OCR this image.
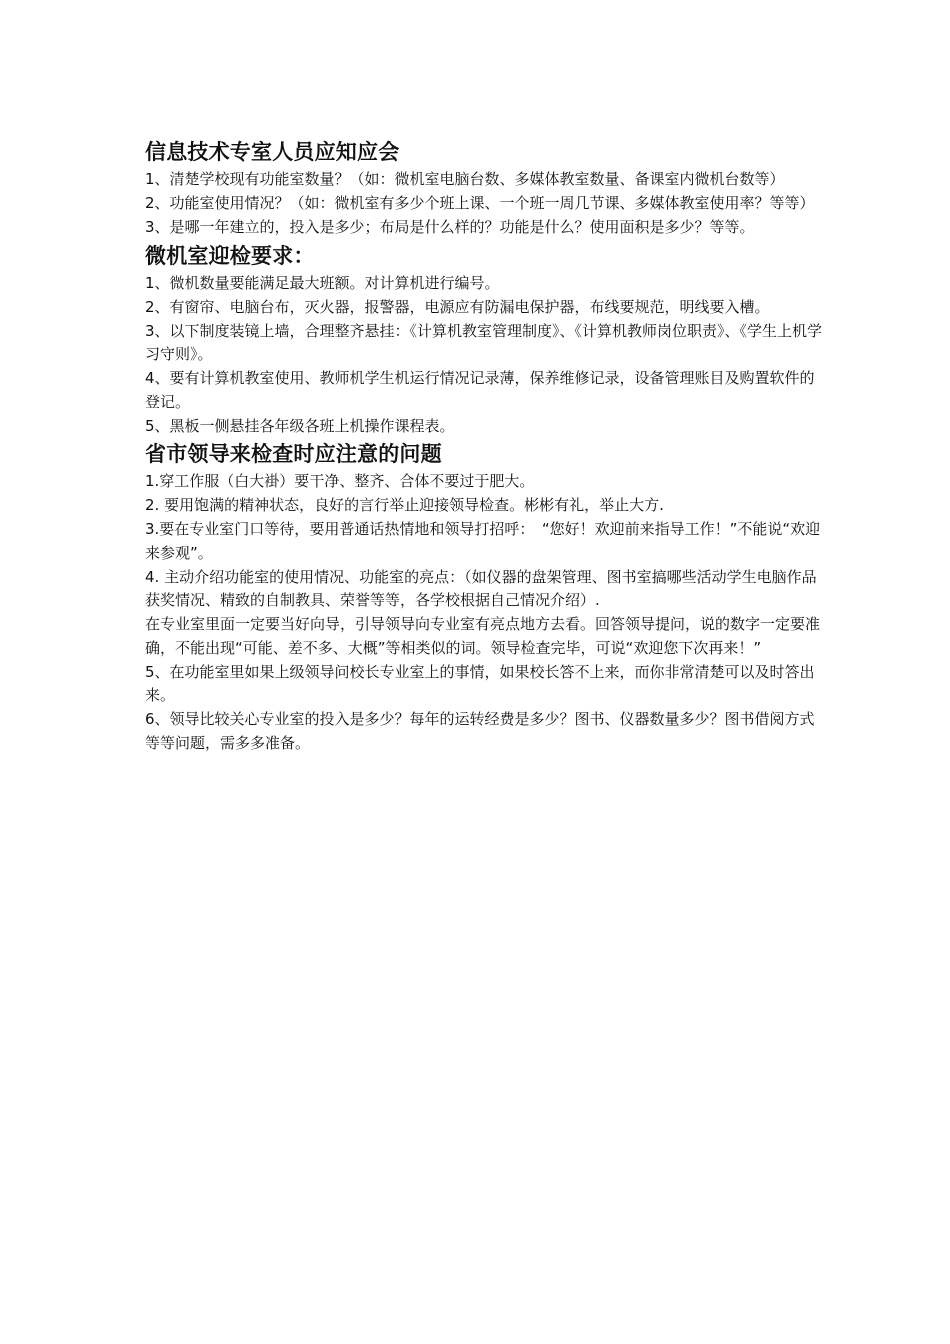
信息技术专室人员应知应会

1、清楚学校现有功能室数量？（如：微机室电脑台数、多媒体教室数量、备课室内微机台数等）

2、功能室使用情况？（如：微机室有多少个班上课、一个班一周几节课、多媒体教室使用率？等等）

3、是哪一年建立的，投入是多少；布局是什么样的？功能是什么？使用面积是多少？等等。

微机室迎检要求：

1、微机数量要能满足最大班额。对计算机进行编号。

2、有窗帘、电脑台布，灭火器，报警器，电源应有防漏电保护器，布线要规范，明线要入槽。

3、以下制度装镜上墙，合理整齐悬挂：《计算机教室管理制度》、《计算机教师岗位职责》、《学生上机学习守则》。

4、要有计算机教室使用、教师机学生机运行情况记录薄，保养维修记录，设备管理账目及购置软件的登记。

5、黑板一侧悬挂各年级各班上机操作课程表。

省市领导来检查时应注意的问题

1.穿工作服（白大褂）要干净、整齐、合体不要过于肥大。

2. 要用饱满的精神状态，良好的言行举止迎接领导检查。彬彬有礼，举止大方.

3.要在专业室门口等待，要用普通话热情地和领导打招呼：　“您好！欢迎前来指导工作！”不能说“欢迎来参观”。

4. 主动介绍功能室的使用情况、功能室的亮点：（如仪器的盘架管理、图书室搞哪些活动学生电脑作品获奖情况、精致的自制教具、荣誉等等，各学校根据自己情况介绍）.

在专业室里面一定要当好向导，引导领导向专业室有亮点地方去看。回答领导提问，说的数字一定要准确，不能出现“可能、差不多、大概”等相类似的词。领导检查完毕，可说“欢迎您下次再来！”

5、在功能室里如果上级领导问校长专业室上的事情，如果校长答不上来，而你非常清楚可以及时答出来。

6、领导比较关心专业室的投入是多少？每年的运转经费是多少？图书、仪器数量多少？图书借阅方式等等问题，需多多准备。
